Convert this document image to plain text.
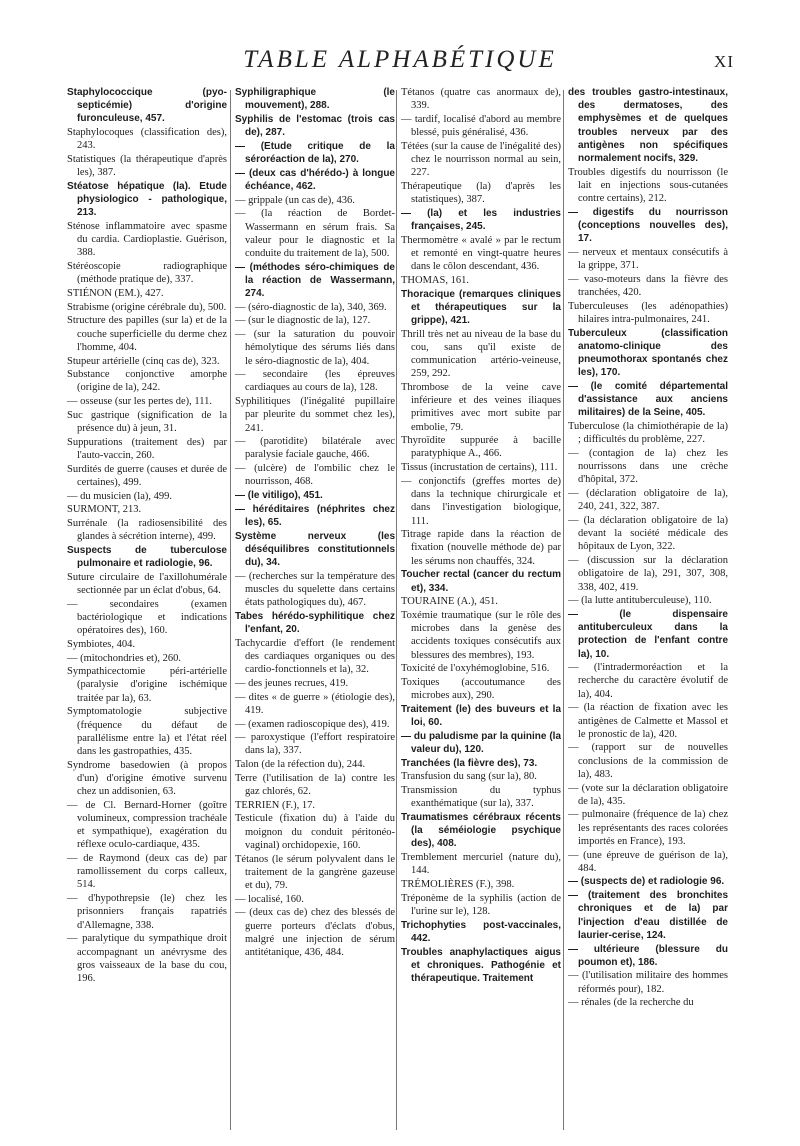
TABLE ALPHABÉTIQUE	XI

Staphylococcique (pyo-septicémie) d'origine furonculeuse, 457.

Staphylocoques (classification des), 243.

Statistiques (la thérapeutique d'après les), 387.

Stéatose hépatique (la). Etude physiologico - pathologique, 213.

Sténose inflammatoire avec spasme du cardia. Cardioplastie. Guérison, 388.

Stéréoscopie radiographique (méthode pratique de), 337.

STIÉNON (EM.), 427.

Strabisme (origine cérébrale du), 500.

Structure des papilles (sur la) et de la couche superficielle du derme chez l'homme, 404.

Stupeur artérielle (cinq cas de), 323.

Substance conjonctive amorphe (origine de la), 242.

— osseuse (sur les pertes de), 111.

Suc gastrique (signification de la présence du) à jeun, 31.

Suppurations (traitement des) par l'auto-vaccin, 260.

Surdités de guerre (causes et durée de certaines), 499.

— du musicien (la), 499.

SURMONT, 213.

Surrénale (la radiosensibilité des glandes à sécrétion interne), 499.

Suspects de tuberculose pulmonaire et radiologie, 96.

Suture circulaire de l'axillohumérale sectionnée par un éclat d'obus, 64.

— secondaires (examen bactériologique et indications opératoires des), 160.

Symbiotes, 404.

— (mitochondries et), 260.

Sympathicectomie péri-artérielle (paralysie d'origine ischémique traitée par la), 63.

Symptomatologie subjective (fréquence du défaut de parallélisme entre la) et l'état réel dans les gastropathies, 435.

Syndrome basedowien (à propos d'un) d'origine émotive survenu chez un addisonien, 63.

— de Cl. Bernard-Horner (goître volumineux, compression trachéale et sympathique), exagération du réflexe oculo-cardiaque, 435.

— de Raymond (deux cas de) par ramollissement du corps calleux, 514.

— d'hypothrepsie (le) chez les prisonniers français rapatriés d'Allemagne, 338.

— paralytique du sympathique droit accompagnant un anévrysme des gros vaisseaux de la base du cou, 196.

Syphiligraphique (le mouvement), 288.

Syphilis de l'estomac (trois cas de), 287.

— (Etude critique de la séroréaction de la), 270.

— (deux cas d'hérédo-) à longue échéance, 462.

— grippale (un cas de), 436.

— (la réaction de Bordet-Wassermann en sérum frais. Sa valeur pour le diagnostic et la conduite du traitement de la), 500.

— (méthodes séro-chimiques de la réaction de Wassermann, 274.

— (séro-diagnostic de la), 340, 369.

— (sur le diagnostic de la), 127.

— (sur la saturation du pouvoir hémolytique des sérums liés dans le séro-diagnostic de la), 404.

— secondaire (les épreuves cardiaques au cours de la), 128.

Syphilitiques (l'inégalité pupillaire par pleurite du sommet chez les), 241.

— (parotidite) bilatérale avec paralysie faciale gauche, 466.

— (ulcère) de l'ombilic chez le nourrisson, 468.

— (le vitiligo), 451.

— héréditaires (néphrites chez les), 65.

Système nerveux (les déséquilibres constitutionnels du), 34.

— (recherches sur la température des muscles du squelette dans certains états pathologiques du), 467.

Tabes hérédo-syphilitique chez l'enfant, 20.

Tachycardie d'effort (le rendement des cardiaques organiques ou des cardio-fonctionnels et la), 32.

— des jeunes recrues, 419.

— dites « de guerre » (étiologie des), 419.

— (examen radioscopique des), 419.

— paroxystique (l'effort respiratoire dans la), 337.

Talon (de la réfection du), 244.

Terre (l'utilisation de la) contre les gaz chlorés, 62.

TERRIEN (F.), 17.

Testicule (fixation du) à l'aide du moignon du conduit péritonéo-vaginal) orchidopexie, 160.

Tétanos (le sérum polyvalent dans le traitement de la gangrène gazeuse et du), 79.

— localisé, 160.

— (deux cas de) chez des blessés de guerre porteurs d'éclats d'obus, malgré une injection de sérum antitétanique, 436, 484.

Tétanos (quatre cas anormaux de), 339.

— tardif, localisé d'abord au membre blessé, puis généralisé, 436.

Tétées (sur la cause de l'inégalité des) chez le nourrisson normal au sein, 227.

Thérapeutique (la) d'après les statistiques), 387.

— (la) et les industries françaises, 245.

Thermomètre « avalé » par le rectum et remonté en vingt-quatre heures dans le côlon descendant, 436.

THOMAS, 161.

Thoracique (remarques cliniques et thérapeutiques sur la grippe), 421.

Thrill très net au niveau de la base du cou, sans qu'il existe de communication artério-veineuse, 259, 292.

Thrombose de la veine cave inférieure et des veines iliaques primitives avec mort subite par embolie, 79.

Thyroïdite suppurée à bacille paratyphique A., 466.

Tissus (incrustation de certains), 111.

— conjonctifs (greffes mortes de) dans la technique chirurgicale et dans l'investigation biologique, 111.

Titrage rapide dans la réaction de fixation (nouvelle méthode de) par les sérums non chauffés, 324.

Toucher rectal (cancer du rectum et), 334.

TOURAINE (A.), 451.

Toxémie traumatique (sur le rôle des microbes dans la genèse des accidents toxiques consécutifs aux blessures des membres), 193.

Toxicité de l'oxyhémoglobine, 516.

Toxiques (accoutumance des microbes aux), 290.

Traitement (le) des buveurs et la loi, 60.

— du paludisme par la quinine (la valeur du), 120.

Tranchées (la fièvre des), 73.

Transfusion du sang (sur la), 80.

Transmission du typhus exanthématique (sur la), 337.

Traumatismes cérébraux récents (la séméiologie psychique des), 408.

Tremblement mercuriel (nature du), 144.

TRÉMOLIÈRES (F.), 398.

Tréponème de la syphilis (action de l'urine sur le), 128.

Trichophyties post-vaccinales, 442.

Troubles anaphylactiques aigus et chroniques. Pathogénie et thérapeutique. Traitement

des troubles gastro-intestinaux, des dermatoses, des emphysèmes et de quelques troubles nerveux par des antigènes non spécifiques normalement nocifs, 329.

Troubles digestifs du nourrisson (le lait en injections sous-cutanées contre certains), 212.

— digestifs du nourrisson (conceptions nouvelles des), 17.

— nerveux et mentaux consécutifs à la grippe, 371.

— vaso-moteurs dans la fièvre des tranchées, 420.

Tuberculeuses (les adénopathies) hilaires intra-pulmonaires, 241.

Tuberculeux (classification anatomo-clinique des pneumothorax spontanés chez les), 170.

— (le comité départemental d'assistance aux anciens militaires) de la Seine, 405.

Tuberculose (la chimiothérapie de la) ; difficultés du problème, 227.

— (contagion de la) chez les nourrissons dans une crèche d'hôpital, 372.

— (déclaration obligatoire de la), 240, 241, 322, 387.

— (la déclaration obligatoire de la) devant la société médicale des hôpitaux de Lyon, 322.

— (discussion sur la déclaration obligatoire de la), 291, 307, 308, 338, 402, 419.

— (la lutte antituberculeuse), 110.

— (le dispensaire antituberculeux dans la protection de l'enfant contre la), 10.

— (l'intradermoréaction et la recherche du caractère évolutif de la), 404.

— (la réaction de fixation avec les antigènes de Calmette et Massol et le pronostic de la), 420.

— (rapport sur de nouvelles conclusions de la commission de la), 483.

— (vote sur la déclaration obligatoire de la), 435.

— pulmonaire (fréquence de la) chez les représentants des races colorées importés en France), 193.

— (une épreuve de guérison de la), 484.

— (suspects de) et radiologie 96.

— (traitement des bronchites chroniques et de la) par l'injection d'eau distillée de laurier-cerise, 124.

— ultérieure (blessure du poumon et), 186.

— (l'utilisation militaire des hommes réformés pour), 182.

— rénales (de la recherche du
